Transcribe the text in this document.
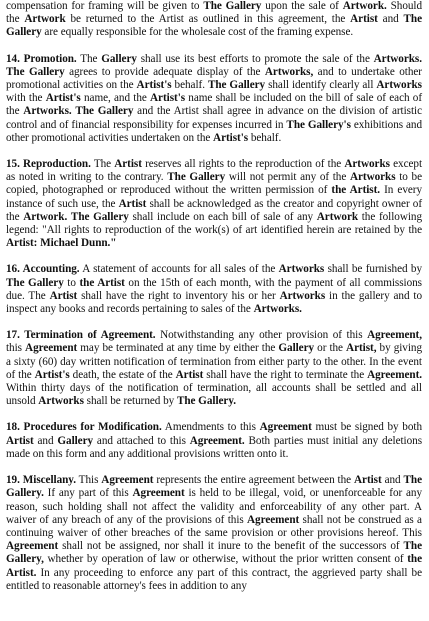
compensation for framing will be given to The Gallery upon the sale of Artwork. Should the Artwork be returned to the Artist as outlined in this agreement, the Artist and The Gallery are equally responsible for the wholesale cost of the framing expense.

14. Promotion. The Gallery shall use its best efforts to promote the sale of the Artworks. The Gallery agrees to provide adequate display of the Artworks, and to undertake other promotional activities on the Artist's behalf. The Gallery shall identify clearly all Artworks with the Artist's name, and the Artist's name shall be included on the bill of sale of each of the Artworks. The Gallery and the Artist shall agree in advance on the division of artistic control and of financial responsibility for expenses incurred in The Gallery's exhibitions and other promotional activities undertaken on the Artist's behalf.

15. Reproduction. The Artist reserves all rights to the reproduction of the Artworks except as noted in writing to the contrary. The Gallery will not permit any of the Artworks to be copied, photographed or reproduced without the written permission of the Artist. In every instance of such use, the Artist shall be acknowledged as the creator and copyright owner of the Artwork. The Gallery shall include on each bill of sale of any Artwork the following legend: "All rights to reproduction of the work(s) of art identified herein are retained by the Artist: Michael Dunn."

16. Accounting. A statement of accounts for all sales of the Artworks shall be furnished by The Gallery to the Artist on the 15th of each month, with the payment of all commissions due. The Artist shall have the right to inventory his or her Artworks in the gallery and to inspect any books and records pertaining to sales of the Artworks.

17. Termination of Agreement. Notwithstanding any other provision of this Agreement, this Agreement may be terminated at any time by either the Gallery or the Artist, by giving a sixty (60) day written notification of termination from either party to the other. In the event of the Artist's death, the estate of the Artist shall have the right to terminate the Agreement. Within thirty days of the notification of termination, all accounts shall be settled and all unsold Artworks shall be returned by The Gallery.

18. Procedures for Modification. Amendments to this Agreement must be signed by both Artist and Gallery and attached to this Agreement. Both parties must initial any deletions made on this form and any additional provisions written onto it.

19. Miscellany. This Agreement represents the entire agreement between the Artist and The Gallery. If any part of this Agreement is held to be illegal, void, or unenforceable for any reason, such holding shall not affect the validity and enforceability of any other part. A waiver of any breach of any of the provisions of this Agreement shall not be construed as a continuing waiver of other breaches of the same provision or other provisions hereof. This Agreement shall not be assigned, nor shall it inure to the benefit of the successors of The Gallery, whether by operation of law or otherwise, without the prior written consent of the Artist. In any proceeding to enforce any part of this contract, the aggrieved party shall be entitled to reasonable attorney's fees in addition to any
